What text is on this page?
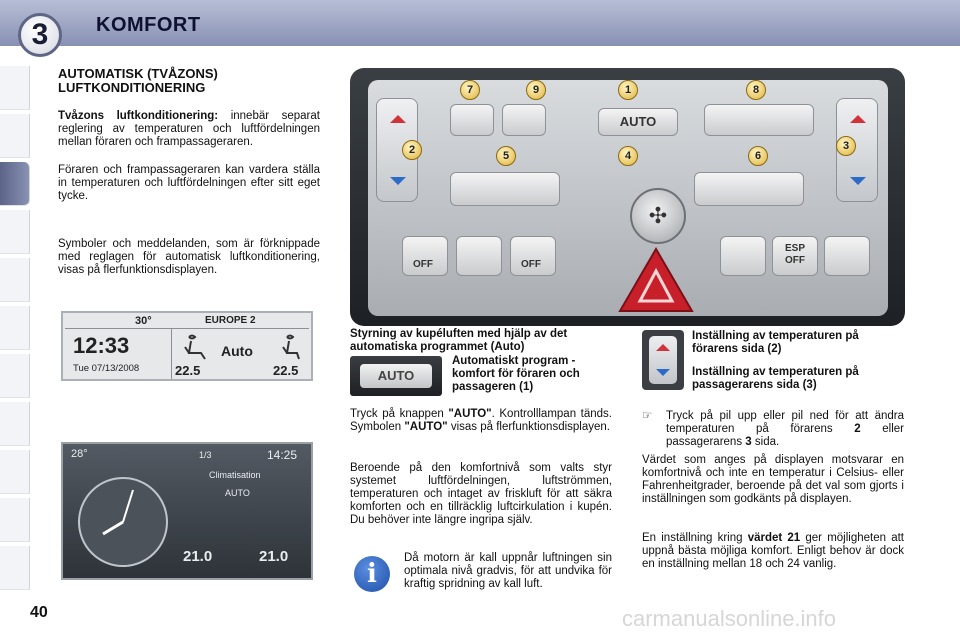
3	KOMFORT
AUTOMATISK (TVÅZONS) LUFTKONDITIONERING
Tvåzons luftkonditionering: innebär separat reglering av temperaturen och luftfördelningen mellan föraren och frampassageraren.
Föraren och frampassageraren kan vardera ställa in temperaturen och luftfördelningen efter sitt eget tycke.
Symboler och meddelanden, som är förknippade med reglagen för automatisk luftkonditionering, visas på flerfunktionsdisplayen.
30°	EUROPE 2
12:33
Tue 07/13/2008
Auto
22.5	22.5
28°	1/3	14:25
Climatisation
AUTO
21.0	21.0
AUTO
✣
OFF	OFF
ESP
OFF
7	9	1	8
2	5	4	6
3
Styrning av kupéluften med hjälp av det automatiska programmet (Auto)
AUTO
Automatiskt program - komfort för föraren och passageren (1)
Tryck på knappen "AUTO". Kontrolllampan tänds. Symbolen "AUTO" visas på flerfunktionsdisplayen.
Beroende på den komfortnivå som valts styr systemet luftfördelningen, luftströmmen, temperaturen och intaget av friskluft för att säkra komforten och en tillräcklig luftcirkulation i kupén. Du behöver inte längre ingripa själv.
i
Då motorn är kall uppnår luftningen sin optimala nivå gradvis, för att undvika för kraftig spridning av kall luft.
Inställning av temperaturen på förarens sida (2)
Inställning av temperaturen på passagerarens sida (3)
☞	Tryck på pil upp eller pil ned för att ändra temperaturen på förarens 2 eller passagerarens 3 sida.
Värdet som anges på displayen motsvarar en komfortnivå och inte en temperatur i Celsius- eller Fahrenheitgrader, beroende på det val som gjorts i inställningen som godkänts på displayen.
En inställning kring värdet 21 ger möjligheten att uppnå bästa möjliga komfort. Enligt behov är dock en inställning mellan 18 och 24 vanlig.
40	carmanualsonline.info
